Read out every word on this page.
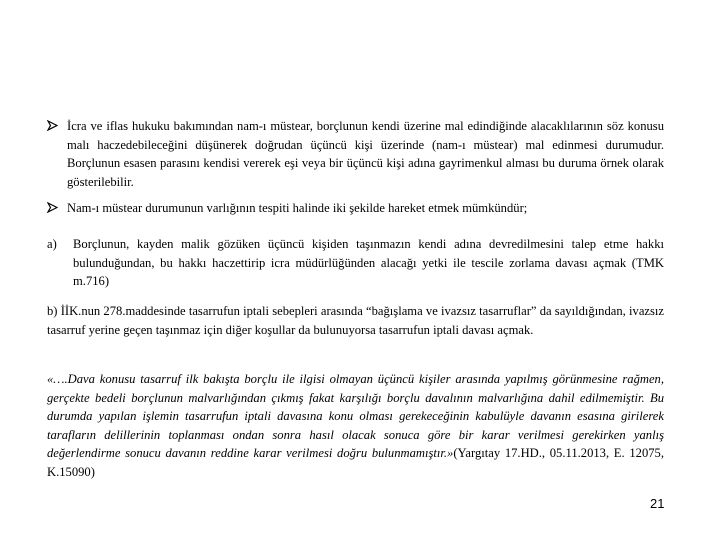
İcra ve iflas hukuku bakımından nam-ı müstear, borçlunun kendi üzerine mal edindiğinde alacaklılarının söz konusu malı haczedebileceğini düşünerek doğrudan üçüncü kişi üzerinde (nam-ı müstear) mal edinmesi durumudur. Borçlunun esasen parasını kendisi vererek eşi veya bir üçüncü kişi adına gayrimenkul alması bu duruma örnek olarak gösterilebilir.
Nam-ı müstear durumunun varlığının tespiti halinde iki şekilde hareket etmek mümkündür;
a) Borçlunun, kayden malik gözüken üçüncü kişiden taşınmazın kendi adına devredilmesini talep etme hakkı bulunduğundan, bu hakkı haczettirip icra müdürlüğünden alacağı yetki ile tescile zorlama davası açmak (TMK m.716)
b) İİK.nun 278.maddesinde tasarrufun iptali sebepleri arasında “bağışlama ve ivazsız tasarruflar” da sayıldığından, ivazsız tasarruf yerine geçen taşınmaz için diğer koşullar da bulunuyorsa tasarrufun iptali davası açmak.
«….Dava konusu tasarruf ilk bakışta borçlu ile ilgisi olmayan üçüncü kişiler arasında yapılmış görünmesine rağmen, gerçekte bedeli borçlunun malvarlığından çıkmış fakat karşılığı borçlu davalının malvarlığına dahil edilmemiştir. Bu durumda yapılan işlemin tasarrufun iptali davasına konu olması gerekeceğinin kabulüyle davanın esasına girilerek tarafların delillerinin toplanması ondan sonra hasıl olacak sonuca göre bir karar verilmesi gerekirken yanlış değerlendirme sonucu davanın reddine karar verilmesi doğru bulunmamıştır.»(Yargıtay 17.HD., 05.11.2013, E. 12075, K.15090)
21
